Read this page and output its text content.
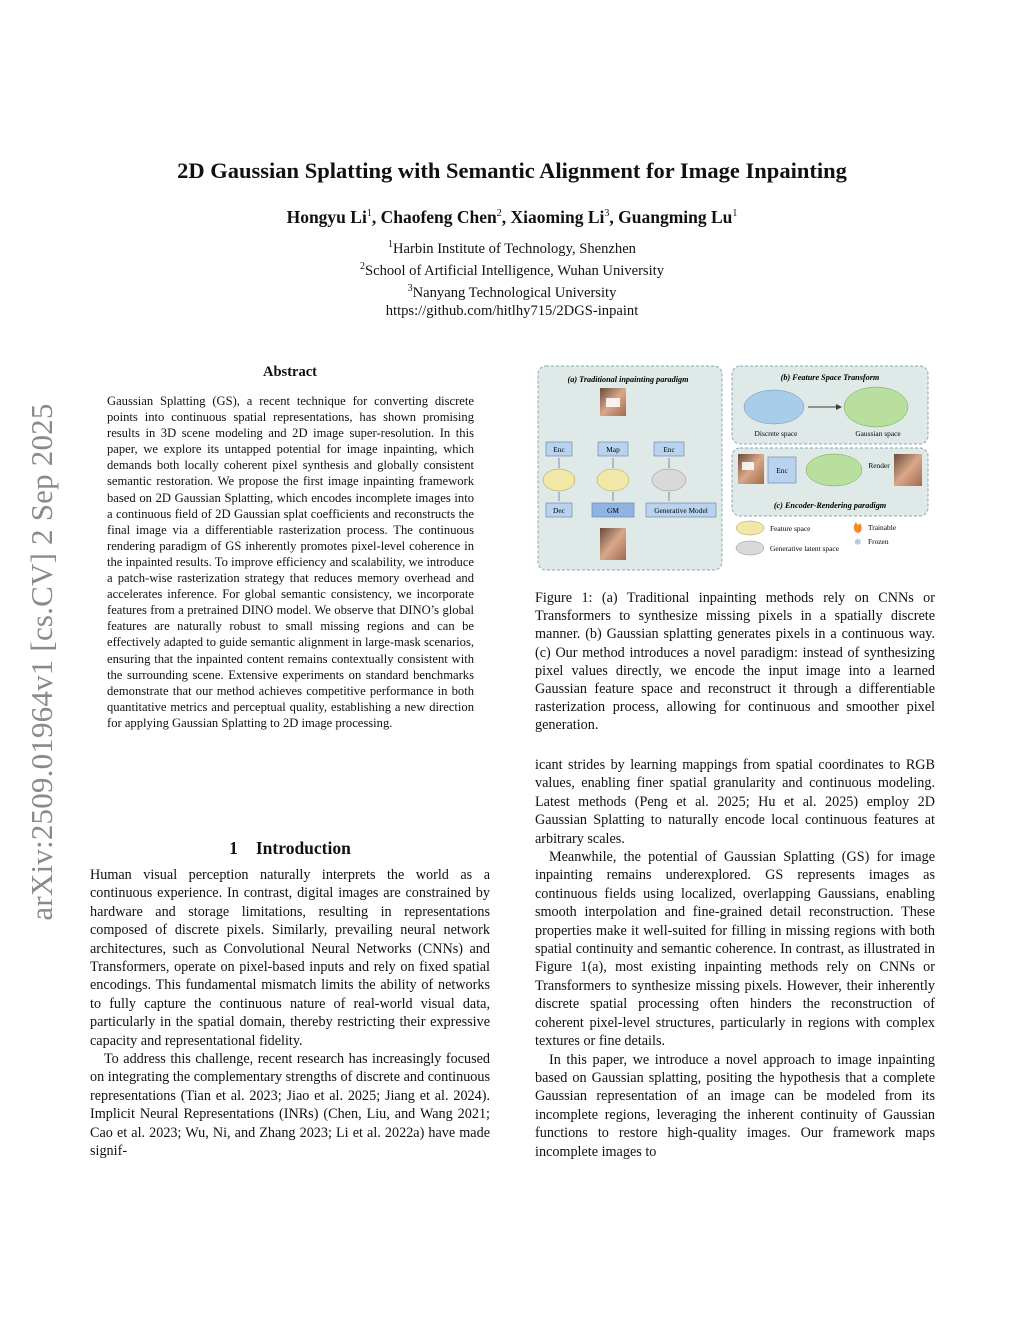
arXiv:2509.01964v1 [cs.CV] 2 Sep 2025
2D Gaussian Splatting with Semantic Alignment for Image Inpainting
Hongyu Li$^1$, Chaofeng Chen$^2$, Xiaoming Li$^3$, Guangming Lu$^1$
$^1$Harbin Institute of Technology, Shenzhen
$^2$School of Artificial Intelligence, Wuhan University
$^3$Nanyang Technological University
https://github.com/hitlhy715/2DGS-inpaint
Abstract
Gaussian Splatting (GS), a recent technique for converting discrete points into continuous spatial representations, has shown promising results in 3D scene modeling and 2D image super-resolution. In this paper, we explore its untapped potential for image inpainting, which demands both locally coherent pixel synthesis and globally consistent semantic restoration. We propose the first image inpainting framework based on 2D Gaussian Splatting, which encodes incomplete images into a continuous field of 2D Gaussian splat coefficients and reconstructs the final image via a differentiable rasterization process. The continuous rendering paradigm of GS inherently promotes pixel-level coherence in the inpainted results. To improve efficiency and scalability, we introduce a patch-wise rasterization strategy that reduces memory overhead and accelerates inference. For global semantic consistency, we incorporate features from a pretrained DINO model. We observe that DINO’s global features are naturally robust to small missing regions and can be effectively adapted to guide semantic alignment in large-mask scenarios, ensuring that the inpainted content remains contextually consistent with the surrounding scene. Extensive experiments on standard benchmarks demonstrate that our method achieves competitive performance in both quantitative metrics and perceptual quality, establishing a new direction for applying Gaussian Splatting to 2D image processing.
1 Introduction

Human visual perception naturally interprets the world as a continuous experience. In contrast, digital images are constrained by hardware and storage limitations, resulting in representations composed of discrete pixels. Similarly, prevailing neural network architectures, such as Convolutional Neural Networks (CNNs) and Transformers, operate on pixel-based inputs and rely on fixed spatial encodings. This fundamental mismatch limits the ability of networks to fully capture the continuous nature of real-world visual data, particularly in the spatial domain, thereby restricting their expressive capacity and representational fidelity.

To address this challenge, recent research has increasingly focused on integrating the complementary strengths of discrete and continuous representations (Tian et al. 2023; Jiao et al. 2025; Jiang et al. 2024). Implicit Neural Representations (INRs) (Chen, Liu, and Wang 2021; Cao et al. 2023; Wu, Ni, and Zhang 2023; Li et al. 2022a) have made signif-

(a) Traditional inpainting paradigm
Enc
Dec
Map
GM
Enc
Generative Model
(b) Feature Space Transform
Discrete space	Gaussian space
Enc
Render
(c) Encoder-Rendering paradigm
Feature space
Generative latent space
Trainable
❄ Frozen
Figure 1: (a) Traditional inpainting methods rely on CNNs or Transformers to synthesize missing pixels in a spatially discrete manner. (b) Gaussian splatting generates pixels in a continuous way. (c) Our method introduces a novel paradigm: instead of synthesizing pixel values directly, we encode the input image into a learned Gaussian feature space and reconstruct it through a differentiable rasterization process, allowing for continuous and smoother pixel generation.

icant strides by learning mappings from spatial coordinates to RGB values, enabling finer spatial granularity and continuous modeling. Latest methods (Peng et al. 2025; Hu et al. 2025) employ 2D Gaussian Splatting to naturally encode local continuous features at arbitrary scales.

Meanwhile, the potential of Gaussian Splatting (GS) for image inpainting remains underexplored. GS represents images as continuous fields using localized, overlapping Gaussians, enabling smooth interpolation and fine-grained detail reconstruction. These properties make it well-suited for filling in missing regions with both spatial continuity and semantic coherence. In contrast, as illustrated in Figure 1(a), most existing inpainting methods rely on CNNs or Transformers to synthesize missing pixels. However, their inherently discrete spatial processing often hinders the reconstruction of coherent pixel-level structures, particularly in regions with complex textures or fine details.

In this paper, we introduce a novel approach to image inpainting based on Gaussian splatting, positing the hypothesis that a complete Gaussian representation of an image can be modeled from its incomplete regions, leveraging the inherent continuity of Gaussian functions to restore high-quality images. Our framework maps incomplete images to
